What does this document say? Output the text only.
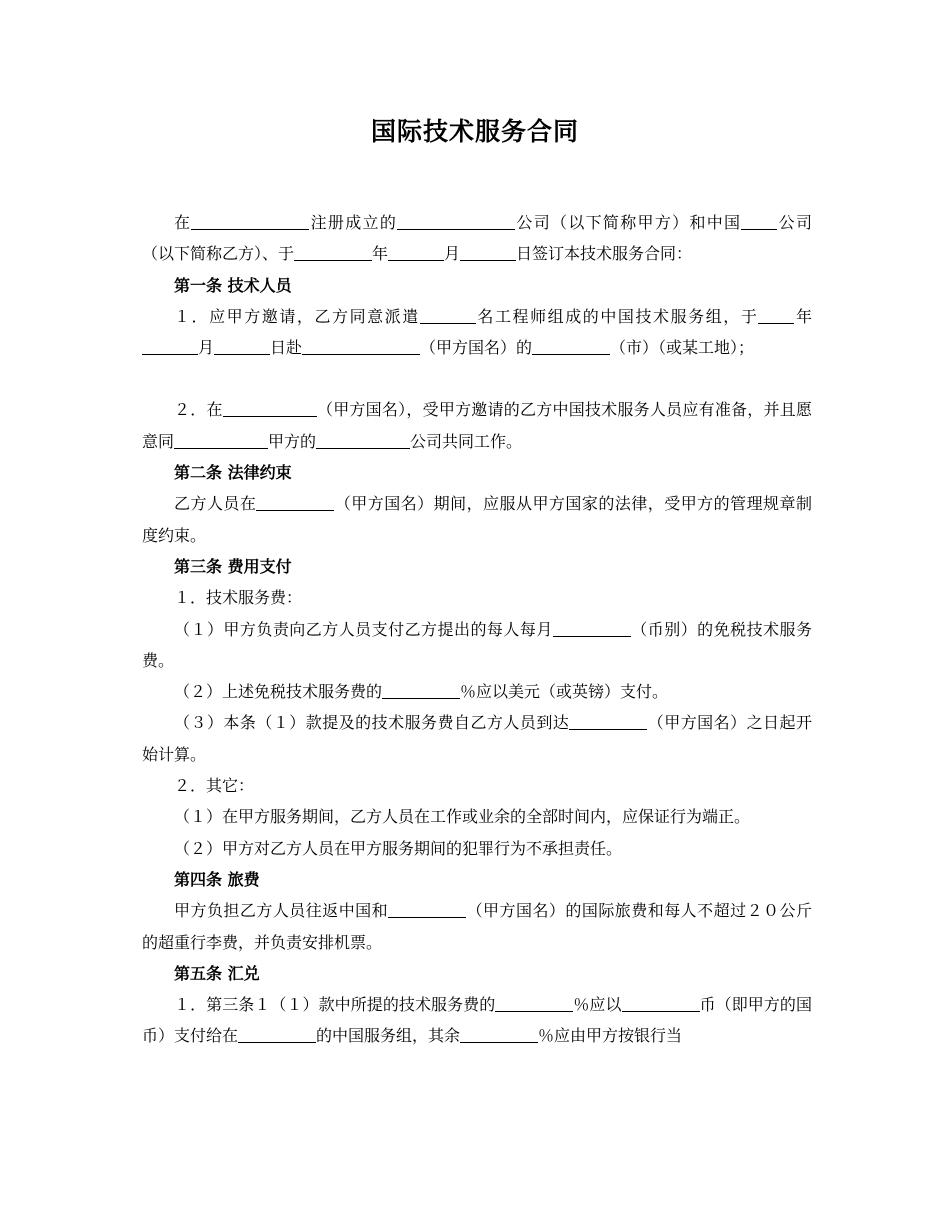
国际技术服务合同

在	注册成立的	公司（以下简称甲方）和中国 公司（以下简称乙方）、于	年	月	日签订本技术服务合同：

第一条 技术人员

１．应甲方邀请，乙方同意派遣	名工程师组成的中国技术服务组，于 年月	日赴	（甲方国名）的	（市）（或某工地）；

２．在	（甲方国名），受甲方邀请的乙方中国技术服务人员应有准备，并且愿意同	甲方的	公司共同工作。

第二条 法律约束

乙方人员在	（甲方国名）期间，应服从甲方国家的法律，受甲方的管理规章制度约束。

第三条 费用支付

１．技术服务费：

（１）甲方负责向乙方人员支付乙方提出的每人每月	（币别）的免税技术服务费。

（２）上述免税技术服务费的	％应以美元（或英镑）支付。

（３）本条（１）款提及的技术服务费自乙方人员到达	（甲方国名）之日起开始计算。

２．其它：

（１）在甲方服务期间，乙方人员在工作或业余的全部时间内，应保证行为端正。

（２）甲方对乙方人员在甲方服务期间的犯罪行为不承担责任。

第四条 旅费

甲方负担乙方人员往返中国和	（甲方国名）的国际旅费和每人不超过２０公斤的超重行李费，并负责安排机票。

第五条 汇兑

１．第三条１（１）款中所提的技术服务费的	％应以	币（即甲方的国币）支付给在	的中国服务组，其余	％应由甲方按银行当
